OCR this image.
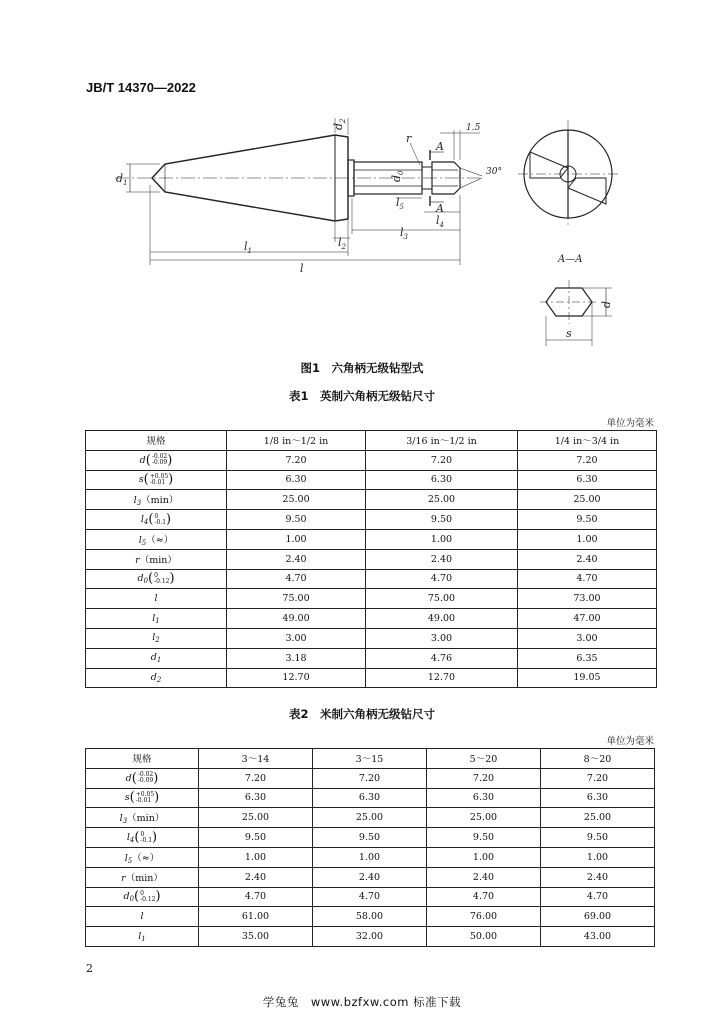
JB/T 14370—2022
$d_1$
$d_2$
$d_0$
$l_1$
$l_2$
$l_3$
$l_4$
$l_5$
l
r
1.5
30°
A
A
A—A
d
s
图1　六角柄无级钻型式
表1　英制六角柄无级钻尺寸
单位为毫米
规格	1/8 in～1/2 in	3/16 in～1/2 in	1/4 in～3/4 in
d( -0.02
-0.09 )	7.20	7.20	7.20
s( +0.05
-0.01 )	6.30	6.30	6.30
$l_3(\min)$	25.00	25.00	25.00
$l_4$( 0
-0.1 )	9.50	9.50	9.50
$l_5(\approx)$	1.00	1.00	1.00
r（min）	2.40	2.40	2.40
$d_0$( 0
-0.12 )	4.70	4.70	4.70
l	75.00	75.00	73.00
$l_1$	49.00	49.00	47.00
$l_2$	3.00	3.00	3.00
$d_1$	3.18	4.76	6.35
$d_2$	12.70	12.70	19.05
表2　米制六角柄无级钻尺寸
单位为毫米
规格	3～14	3～15	5～20	8～20
d( -0.02
-0.09 )	7.20	7.20	7.20	7.20
s( +0.05
-0.01 )	6.30	6.30	6.30	6.30
$l_3(\min)$	25.00	25.00	25.00	25.00
$l_4$( 0
-0.1 )	9.50	9.50	9.50	9.50
$l_5(\approx)$	1.00	1.00	1.00	1.00
r（min）	2.40	2.40	2.40	2.40
$d_0$( 0
-0.12 )	4.70	4.70	4.70	4.70
l	61.00	58.00	76.00	69.00
$l_1$	35.00	32.00	50.00	43.00
2
学兔兔　www.bzfxw.com 标准下载
